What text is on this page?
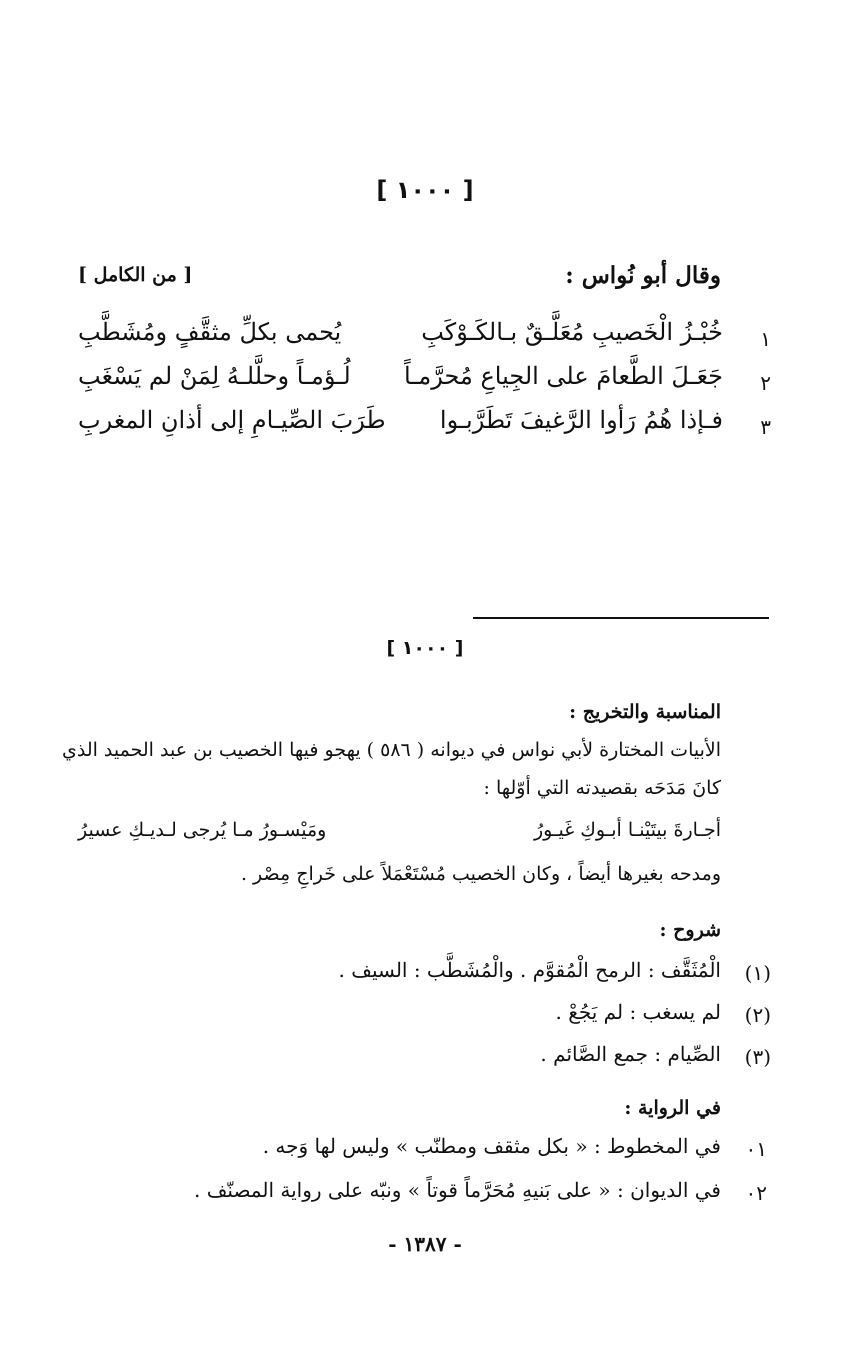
[ ١٠٠٠ ]
وقال أبو نُواس :
[ من الكامل ]
١
خُبْـزُ الْخَصيبِ مُعَلَّـقٌ بـالكَـوْكَبِ
يُحمى بكلِّ مثقَّفٍ ومُشَطَّبِ
٢
جَعَـلَ الطَّعامَ على الجِياعِ مُحرَّمـاً
لُـؤمـاً وحلَّلـهُ لِمَنْ لم يَسْغَبِ
٣
فـإذا هُمُ رَأوا الرَّغيفَ تَطَرَّبـوا
طَرَبَ الصِّيـامِ إلى أذانِ المغربِ
[ ١٠٠٠ ]
المناسبة والتخريج :
الأبيات المختارة لأبي نواس في ديوانه ( ٥٨٦ ) يهجو فيها الخصيب بن عبد الحميد الذي
كانَ مَدَحَه بقصيدته التي أوّلها :
أجـارةَ بيتَيْنـا أبـوكِ غَيـورُ
ومَيْسـورُ مـا يُرجى لـديـكِ عسيرُ
ومدحه بغيرها أيضاً ، وكان الخصيب مُسْتَعْمَلاً على خَراجِ مِصْر .
شروح :
(١)
الْمُثَقَّف : الرمح الْمُقوَّم . والْمُشَطَّب : السيف .
(٢)
لم يسغب : لم يَجُعْ .
(٣)
الصِّيام : جمع الصَّائم .
في الرواية :
٠١
في المخطوط : « بكل مثقف ومطنّب » وليس لها وَجه .
٠٢
في الديوان : « على بَنيهِ مُحَرَّماً قوتاً » ونبّه على رواية المصنّف .
- ١٣٨٧ -
